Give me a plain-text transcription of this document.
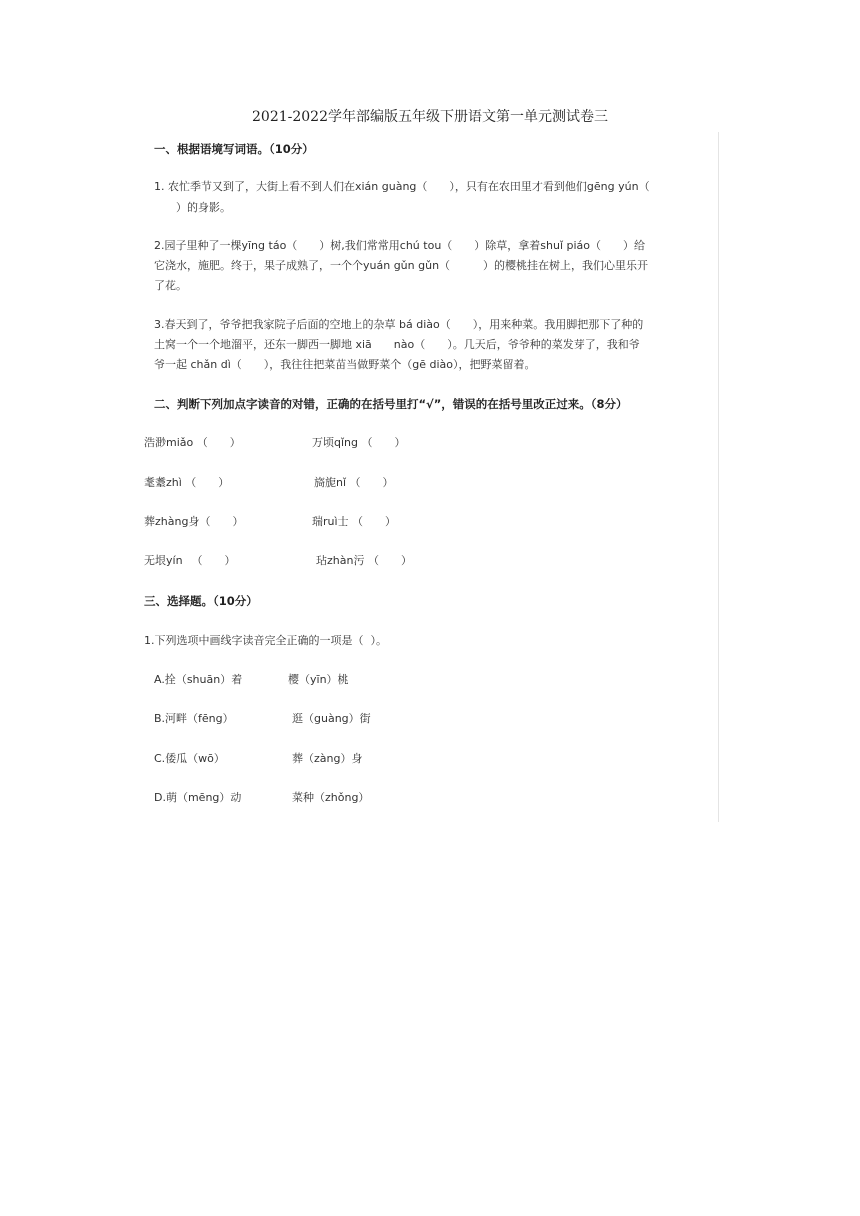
2021-2022学年部编版五年级下册语文第一单元测试卷三
一、根据语境写词语。（10分）
1. 农忙季节又到了，大街上看不到人们在xián guàng（　　），只有在农田里才看到他们gēng yún（
　　）的身影。
2.园子里种了一棵yīng táo（　　）树,我们常常用chú tou（　　）除草，拿着shuǐ piáo（　　）给
它浇水，施肥。终于，果子成熟了，一个个yuán gǔn gǔn（　　　）的樱桃挂在树上，我们心里乐开
了花。
3.春天到了，爷爷把我家院子后面的空地上的杂草 bá diào（　　），用来种菜。我用脚把那下了种的
土窝一个一个地溜平，还东一脚西一脚地 xiā　　nào（　　）。几天后，爷爷种的菜发芽了，我和爷
爷一起 chǎn dì（　　），我往往把菜苗当做野菜个（gē diào），把野菜留着。
二、判断下列加点字读音的对错，正确的在括号里打“√”，错误的在括号里改正过来。（8分）
浩渺miǎo （　　）	万顷qǐng （　　）
耄耋zhì （　　）	旖旎nǐ （　　）
葬zhàng身（　　）	瑞ruì士 （　　）
无垠yín 　（　　）	玷zhàn污 （　　）
三、选择题。（10分）
1.下列选项中画线字读音完全正确的一项是（  ）。
A.拴（shuān）着	樱（yīn）桃
B.河畔（fēng）	逛（guàng）街
C.倭瓜（wō）	葬（zàng）身
D.萌（mēng）动	菜种（zhǒng）
